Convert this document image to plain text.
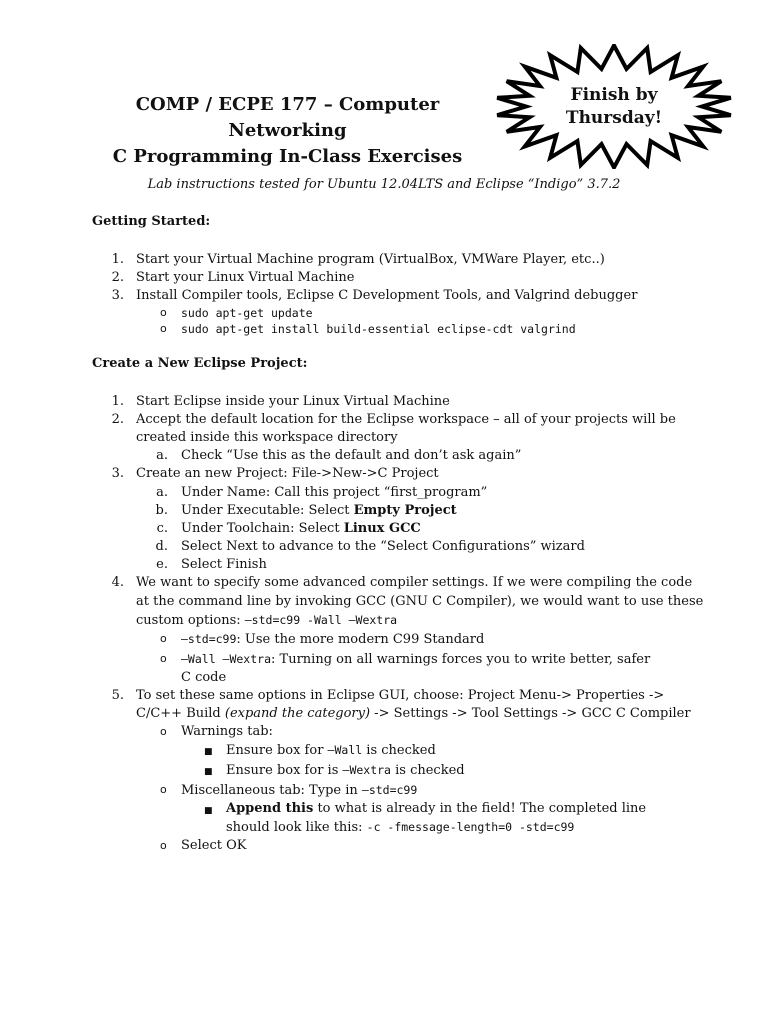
COMP / ECPE 177 – Computer Networking
C Programming In-Class Exercises
Finish by
Thursday!
Lab instructions tested for Ubuntu 12.04LTS and Eclipse “Indigo” 3.7.2
Getting Started:
1. Start your Virtual Machine program (VirtualBox, VMWare Player, etc..)
2. Start your Linux Virtual Machine
3. Install Compiler tools, Eclipse C Development Tools, and Valgrind debugger
o sudo apt-get update
o sudo apt-get install build-essential eclipse-cdt valgrind
Create a New Eclipse Project:
1. Start Eclipse inside your Linux Virtual Machine
2. Accept the default location for the Eclipse workspace – all of your projects will be
created inside this workspace directory
a. Check “Use this as the default and don’t ask again”
3. Create an new Project: File->New->C Project
a. Under Name: Call this project “first_program”
b. Under Executable: Select Empty Project
c. Under Toolchain: Select Linux GCC
d. Select Next to advance to the “Select Configurations” wizard
e. Select Finish
4. We want to specify some advanced compiler settings. If we were compiling the code
at the command line by invoking GCC (GNU C Compiler), we would want to use these
custom options: –std=c99 -Wall –Wextra
o –std=c99: Use the more modern C99 Standard
o –Wall –Wextra: Turning on all warnings forces you to write better, safer
C code
5. To set these same options in Eclipse GUI, choose: Project Menu-> Properties ->
C/C++ Build (expand the category) -> Settings -> Tool Settings -> GCC C Compiler
o Warnings tab:
■ Ensure box for –Wall is checked
■ Ensure box for is –Wextra is checked
o Miscellaneous tab: Type in –std=c99
■ Append this to what is already in the field! The completed line
should look like this: -c -fmessage-length=0 -std=c99
o Select OK
